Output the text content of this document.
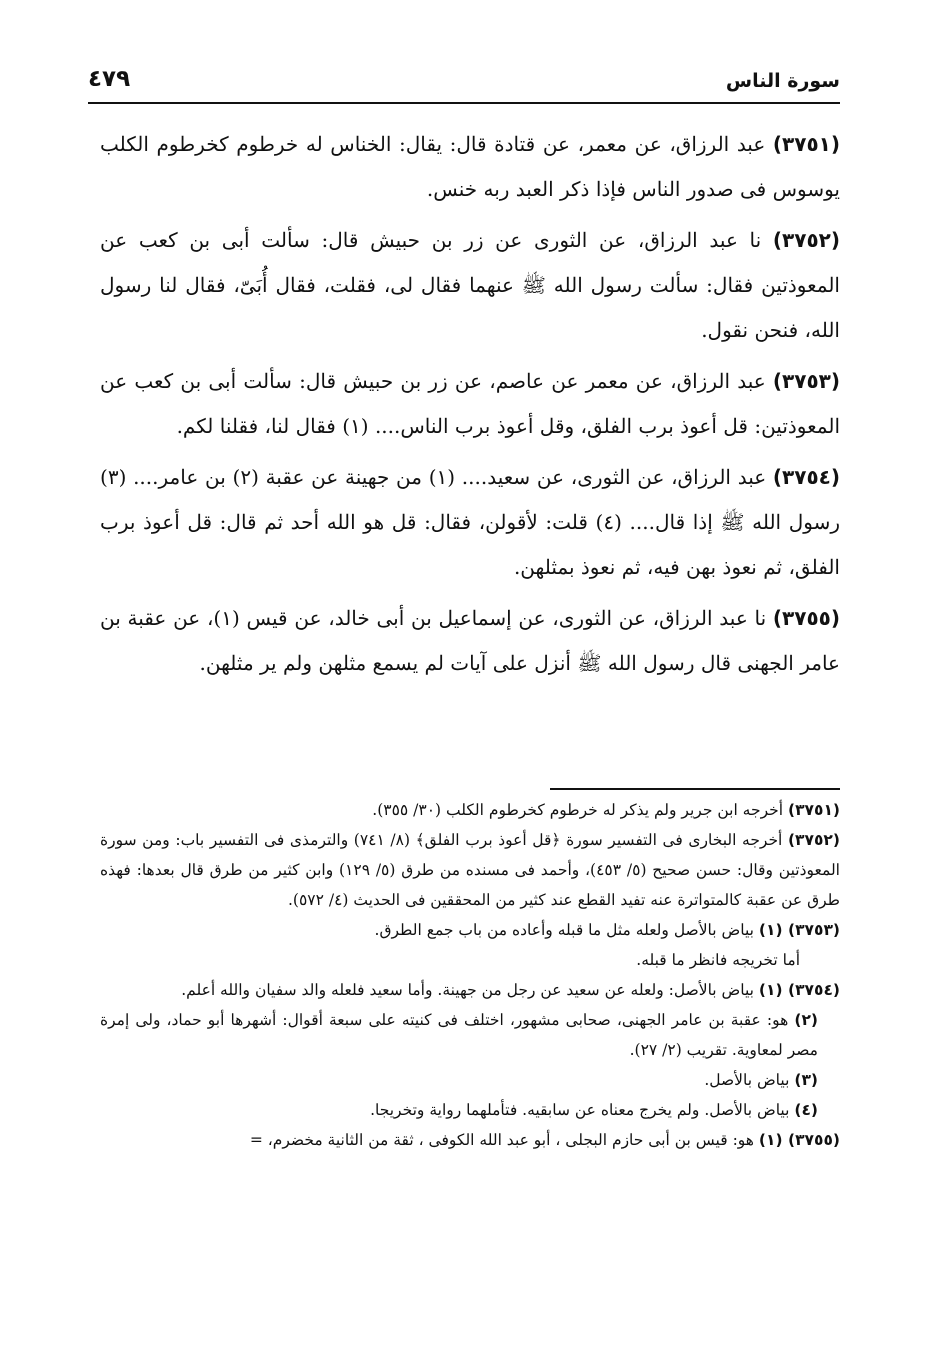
سورة الناس
٤٧٩

(٣٧٥١) عبد الرزاق، عن معمر، عن قتادة قال: يقال: الخناس له خرطوم كخرطوم الكلب يوسوس فى صدور الناس فإذا ذكر العبد ربه خنس.

(٣٧٥٢) نا عبد الرزاق، عن الثورى عن زر بن حبيش قال: سألت أبى بن كعب عن المعوذتين فقال: سألت رسول الله ﷺ عنهما فقال لى، فقلت، فقال أُبَىّ، فقال لنا رسول الله، فنحن نقول.

(٣٧٥٣) عبد الرزاق، عن معمر عن عاصم، عن زر بن حبيش قال: سألت أبى بن كعب عن المعوذتين: قل أعوذ برب الفلق، وقل أعوذ برب الناس.... (١) فقال لنا، فقلنا لكم.

(٣٧٥٤) عبد الرزاق، عن الثورى، عن سعيد.... (١) من جهينة عن عقبة (٢) بن عامر.... (٣) رسول الله ﷺ إذا قال.... (٤) قلت: لأقولن، فقال: قل هو الله أحد ثم قال: قل أعوذ برب الفلق، ثم نعوذ بهن فيه، ثم نعوذ بمثلهن.

(٣٧٥٥) نا عبد الرزاق، عن الثورى، عن إسماعيل بن أبى خالد، عن قيس (١)، عن عقبة بن عامر الجهنى قال رسول الله ﷺ أنزل على آيات لم يسمع مثلهن ولم ير مثلهن.

(٣٧٥١) أخرجه ابن جرير ولم يذكر له خرطوم كخرطوم الكلب (٣٠/ ٣٥٥).
(٣٧٥٢) أخرجه البخارى فى التفسير سورة ﴿قل أعوذ برب الفلق﴾ (٨/ ٧٤١) والترمذى فى التفسير باب: ومن سورة المعوذتين وقال: حسن صحيح (٥/ ٤٥٣)، وأحمد فى مسنده من طرق (٥/ ١٢٩) وابن كثير من طرق قال بعدها: فهذه طرق عن عقبة كالمتواترة عنه تفيد القطع عند كثير من المحققين فى الحديث (٤/ ٥٧٢).
(٣٧٥٣) (١) بياض بالأصل ولعله مثل ما قبله وأعاده من باب جمع الطرق.
أما تخريجه فانظر ما قبله.
(٣٧٥٤) (١) بياض بالأصل: ولعله عن سعيد عن رجل من جهينة. وأما سعيد فلعله والد سفيان والله أعلم.
(٢) هو: عقبة بن عامر الجهنى، صحابى مشهور، اختلف فى كنيته على سبعة أقوال: أشهرها أبو حماد، ولى إمرة مصر لمعاوية. تقريب (٢/ ٢٧).
(٣) بياض بالأصل.
(٤) بياض بالأصل. ولم يخرج معناه عن سابقيه. فتأملهما رواية وتخريجا.
(٣٧٥٥) (١) هو: قيس بن أبى حازم البجلى ، أبو عبد الله الكوفى ، ثقة من الثانية مخضرم، =
